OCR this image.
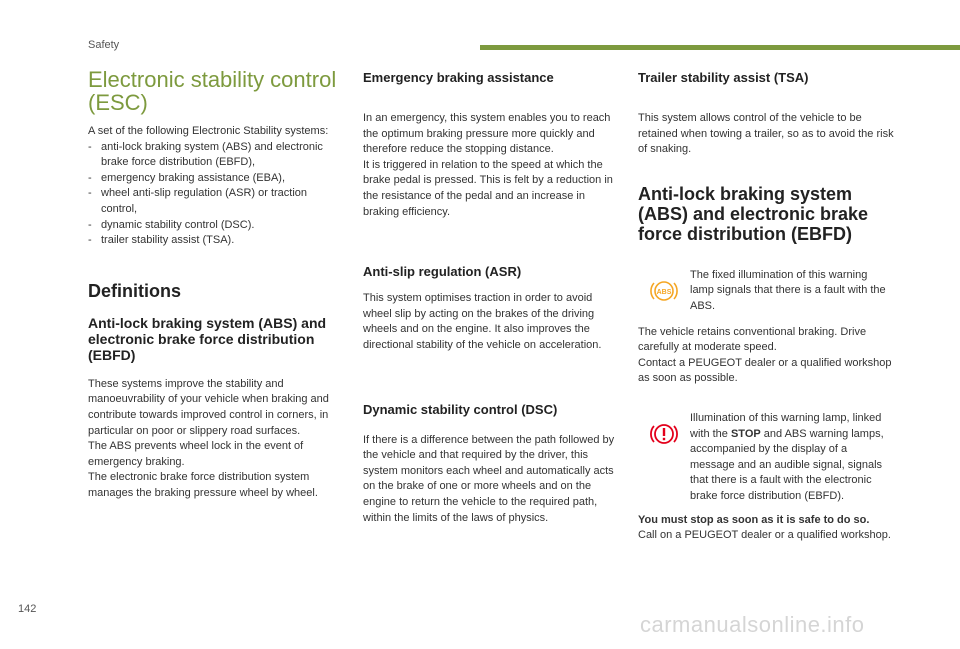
Safety
Electronic stability control
(ESC)

A set of the following Electronic Stability systems:

- anti-lock braking system (ABS) and electronic brake force distribution (EBFD),
- emergency braking assistance (EBA),
- wheel anti-slip regulation (ASR) or traction control,
- dynamic stability control (DSC).
- trailer stability assist (TSA).
Definitions
Anti-lock braking system (ABS) and electronic brake force distribution (EBFD)

These systems improve the stability and manoeuvrability of your vehicle when braking and contribute towards improved control in corners, in particular on poor or slippery road surfaces.

The ABS prevents wheel lock in the event of emergency braking.

The electronic brake force distribution system manages the braking pressure wheel by wheel.

Emergency braking assistance

In an emergency, this system enables you to reach the optimum braking pressure more quickly and therefore reduce the stopping distance.

It is triggered in relation to the speed at which the brake pedal is pressed. This is felt by a reduction in the resistance of the pedal and an increase in braking efficiency.

Anti-slip regulation (ASR)

This system optimises traction in order to avoid wheel slip by acting on the brakes of the driving wheels and on the engine. It also improves the directional stability of the vehicle on acceleration.

Dynamic stability control (DSC)

If there is a difference between the path followed by the vehicle and that required by the driver, this system monitors each wheel and automatically acts on the brake of one or more wheels and on the engine to return the vehicle to the required path, within the limits of the laws of physics.

Trailer stability assist (TSA)

This system allows control of the vehicle to be retained when towing a trailer, so as to avoid the risk of snaking.

Anti-lock braking system (ABS) and electronic brake force distribution (EBFD)
ABS

The fixed illumination of this warning lamp signals that there is a fault with the ABS.

The vehicle retains conventional braking. Drive carefully at moderate speed.

Contact a PEUGEOT dealer or a qualified workshop as soon as possible.

Illumination of this warning lamp, linked with the STOP and ABS warning lamps, accompanied by the display of a message and an audible signal, signals that there is a fault with the electronic brake force distribution (EBFD).

You must stop as soon as it is safe to do so.

Call on a PEUGEOT dealer or a qualified workshop.

142
carmanualsonline.info
